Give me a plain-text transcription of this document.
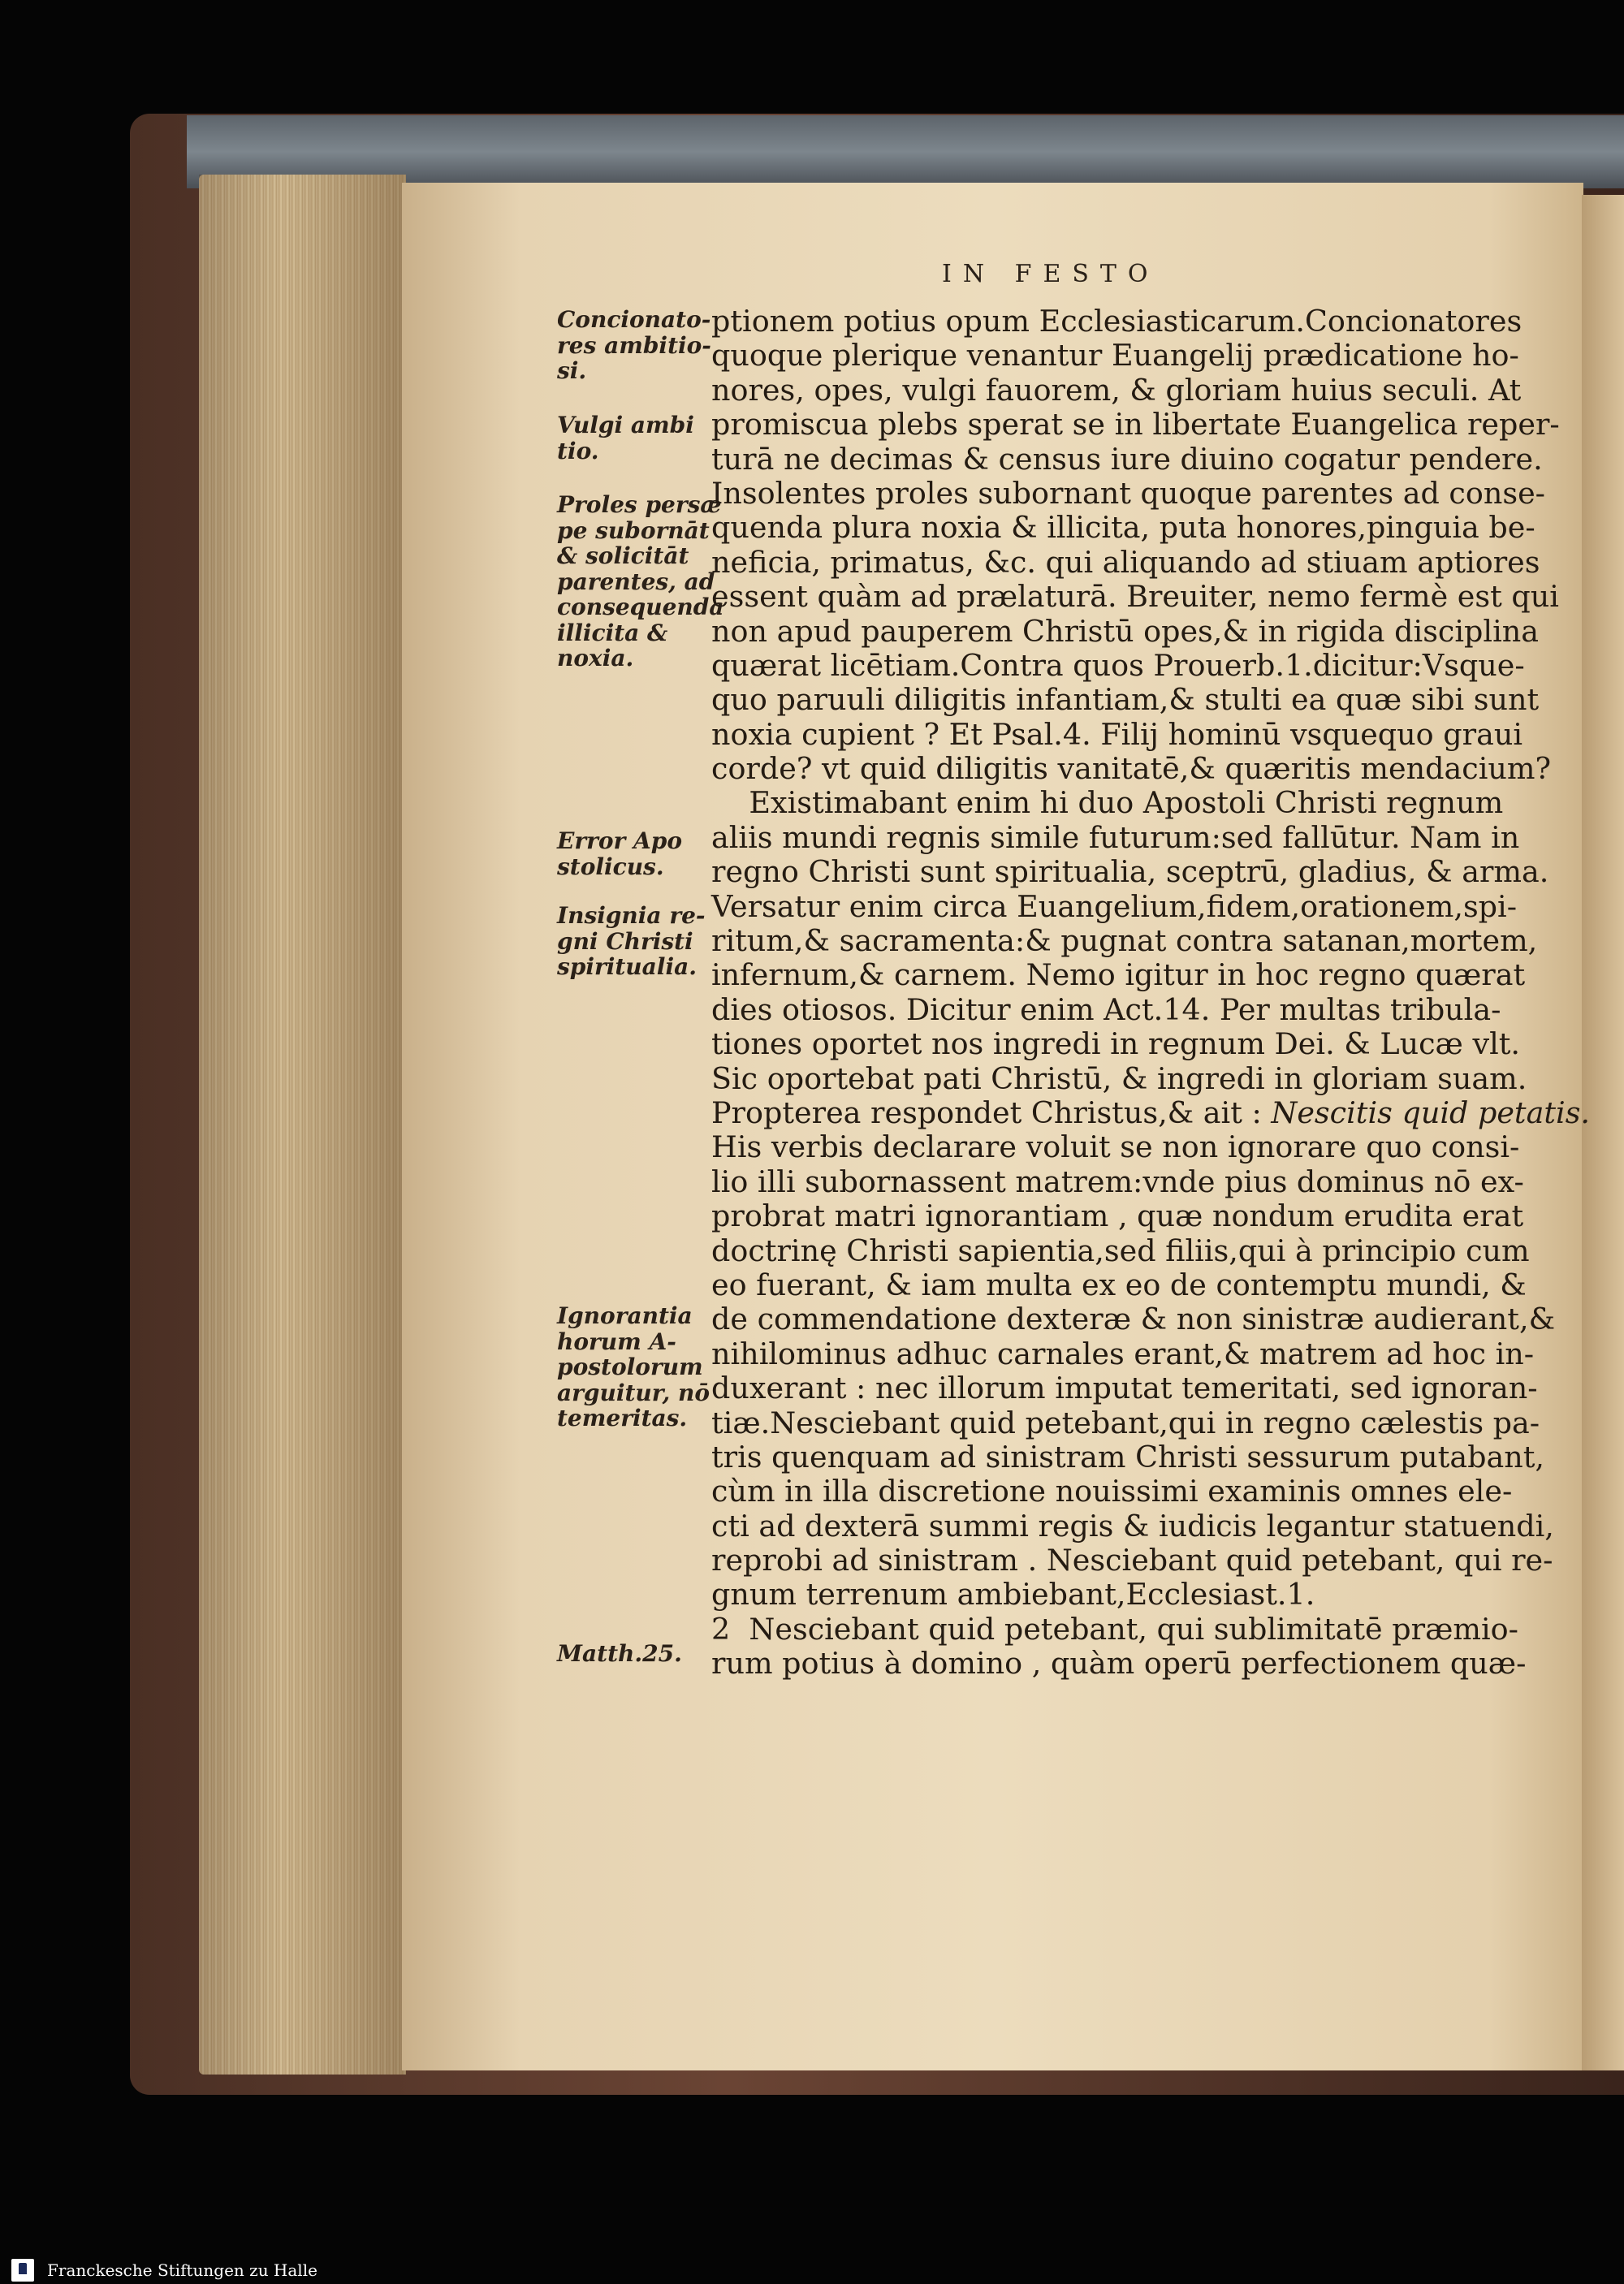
IN FESTO
Concionato-
res ambitio-
si.
Vulgi ambi
tio.
Proles persæ
pe subornāt
& solicitāt
parentes, ad
consequenda
illicita &
noxia.
Error Apo
stolicus.
Insignia re-
gni Christi
spiritualia.
Ignorantia
horum A-
postolorum
arguitur, nō
temeritas.
Matth.25.
ptionem potius opum Ecclesiasticarum.Concionatores
quoque plerique venantur Euangelij prædicatione ho-
nores, opes, vulgi fauorem, & gloriam huius seculi. At
promiscua plebs sperat se in libertate Euangelica reper-
turā ne decimas & census iure diuino cogatur pendere.
Insolentes proles subornant quoque parentes ad conse-
quenda plura noxia & illicita, puta honores,pinguia be-
neficia, primatus, &c. qui aliquando ad stiuam aptiores
essent quàm ad prælaturā. Breuiter, nemo fermè est qui
non apud pauperem Christū opes,& in rigida disciplina
quærat licētiam.Contra quos Prouerb.1.dicitur:Vsque-
quo paruuli diligitis infantiam,& stulti ea quæ sibi sunt
noxia cupient ? Et Psal.4. Filij hominū vsquequo graui
corde? vt quid diligitis vanitatē,& quæritis mendacium?
Existimabant enim hi duo Apostoli Christi regnum
aliis mundi regnis simile futurum:sed fallūtur. Nam in
regno Christi sunt spiritualia, sceptrū, gladius, & arma.
Versatur enim circa Euangelium,fidem,orationem,spi-
ritum,& sacramenta:& pugnat contra satanan,mortem,
infernum,& carnem. Nemo igitur in hoc regno quærat
dies otiosos. Dicitur enim Act.14. Per multas tribula-
tiones oportet nos ingredi in regnum Dei. & Lucæ vlt.
Sic oportebat pati Christū, & ingredi in gloriam suam.
Propterea respondet Christus,& ait : Nescitis quid petatis.
His verbis declarare voluit se non ignorare quo consi-
lio illi subornassent matrem:vnde pius dominus nō ex-
probrat matri ignorantiam , quæ nondum erudita erat
doctrinę Christi sapientia,sed filiis,qui à principio cum
eo fuerant, & iam multa ex eo de contemptu mundi, &
de commendatione dexteræ & non sinistræ audierant,&
nihilominus adhuc carnales erant,& matrem ad hoc in-
duxerant : nec illorum imputat temeritati, sed ignoran-
tiæ.Nesciebant quid petebant,qui in regno cælestis pa-
tris quenquam ad sinistram Christi sessurum putabant,
cùm in illa discretione nouissimi examinis omnes ele-
cti ad dexterā summi regis & iudicis legantur statuendi,
reprobi ad sinistram . Nesciebant quid petebant, qui re-
gnum terrenum ambiebant,Ecclesiast.1.
2  Nesciebant quid petebant, qui sublimitatē præmio-
rum potius à domino , quàm operū perfectionem quæ-
Franckesche Stiftungen zu Halle
